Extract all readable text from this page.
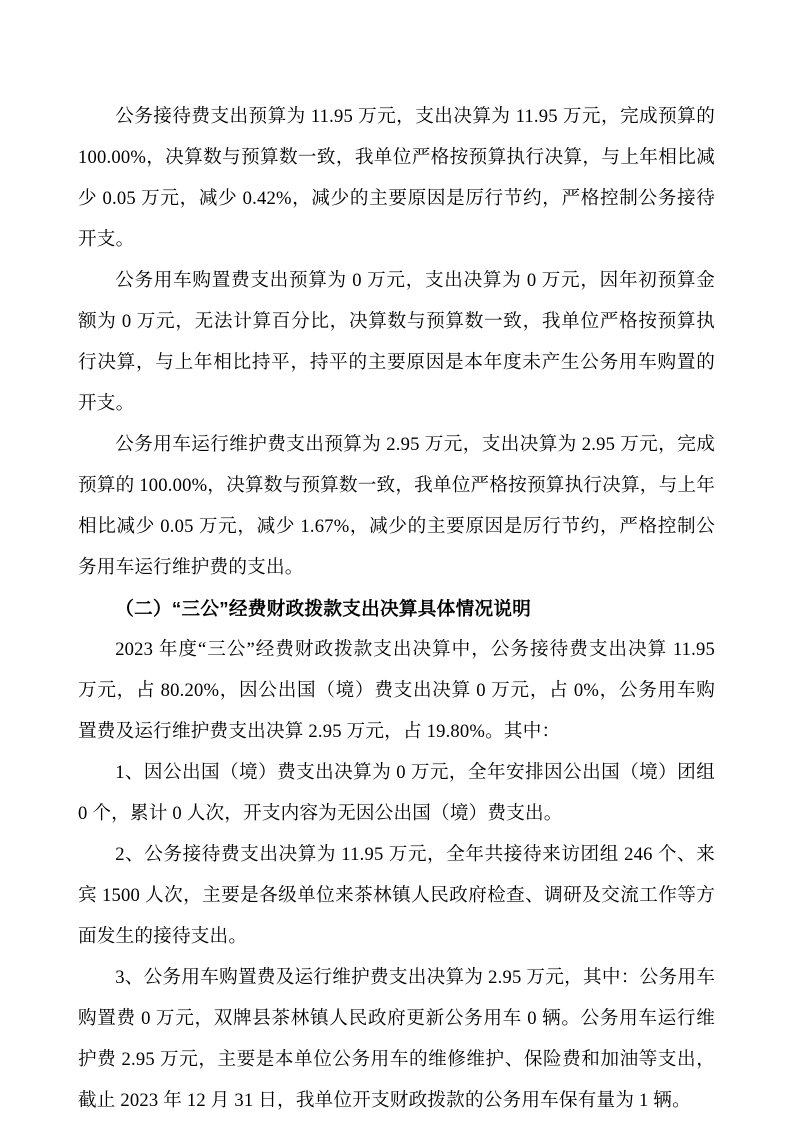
公务接待费支出预算为 11.95 万元，支出决算为 11.95 万元，完成预算的 100.00%，决算数与预算数一致，我单位严格按预算执行决算，与上年相比减少 0.05 万元，减少 0.42%，减少的主要原因是厉行节约，严格控制公务接待开支。

公务用车购置费支出预算为 0 万元，支出决算为 0 万元，因年初预算金额为 0 万元，无法计算百分比，决算数与预算数一致，我单位严格按预算执行决算，与上年相比持平，持平的主要原因是本年度未产生公务用车购置的开支。

公务用车运行维护费支出预算为 2.95 万元，支出决算为 2.95 万元，完成预算的 100.00%，决算数与预算数一致，我单位严格按预算执行决算，与上年相比减少 0.05 万元，减少 1.67%，减少的主要原因是厉行节约，严格控制公务用车运行维护费的支出。

（二）“三公”经费财政拨款支出决算具体情况说明

2023 年度“三公”经费财政拨款支出决算中，公务接待费支出决算 11.95 万元，占 80.20%，因公出国（境）费支出决算 0 万元，占 0%，公务用车购置费及运行维护费支出决算 2.95 万元，占 19.80%。其中：

1、因公出国（境）费支出决算为 0 万元，全年安排因公出国（境）团组 0 个，累计 0 人次，开支内容为无因公出国（境）费支出。

2、公务接待费支出决算为 11.95 万元，全年共接待来访团组 246 个、来宾 1500 人次，主要是各级单位来茶林镇人民政府检查、调研及交流工作等方面发生的接待支出。

3、公务用车购置费及运行维护费支出决算为 2.95 万元，其中：公务用车购置费 0 万元，双牌县茶林镇人民政府更新公务用车 0 辆。公务用车运行维护费 2.95 万元，主要是本单位公务用车的维修维护、保险费和加油等支出，截止 2023 年 12 月 31 日，我单位开支财政拨款的公务用车保有量为 1 辆。
